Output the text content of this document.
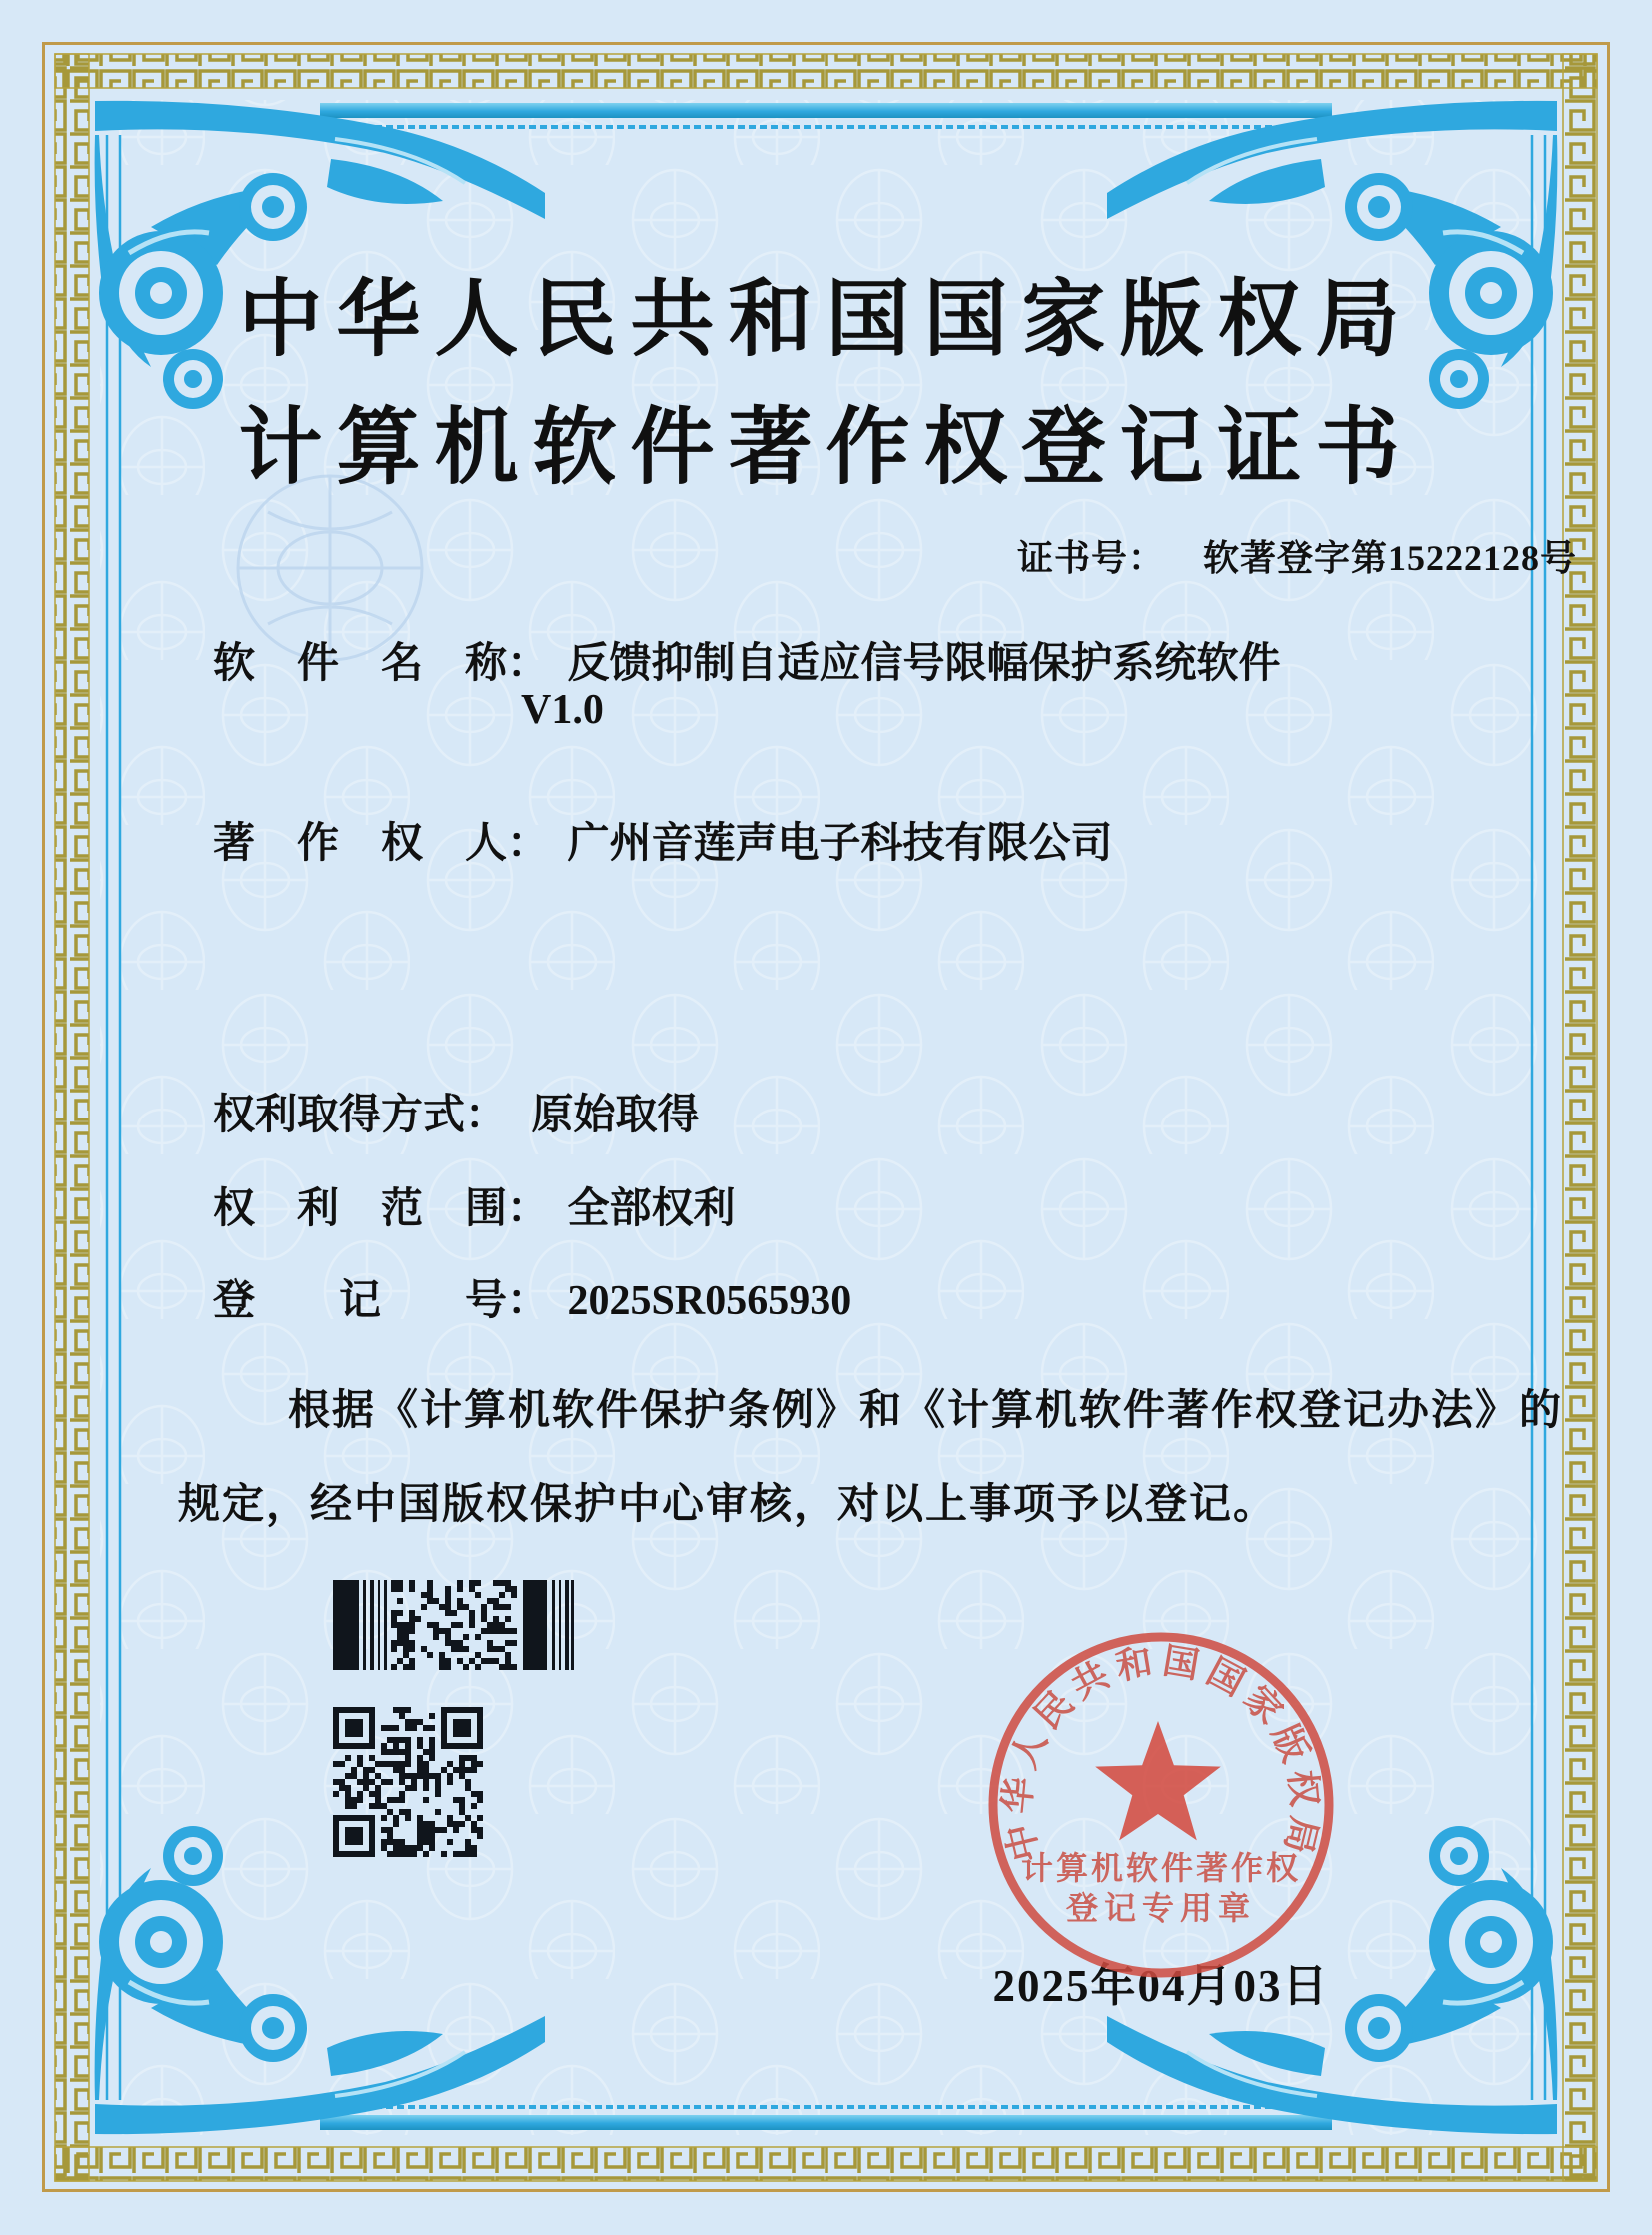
中华人民共和国国家版权局
计算机软件著作权登记证书
证书号： 软著登字第15222128号
软　件　名　称： 反馈抑制自适应信号限幅保护系统软件
V1.0
著　作　权　人： 广州音莲声电子科技有限公司
权利取得方式： 原始取得
权　利　范　围： 全部权利
登　　记　　号： 2025SR0565930
根据《计算机软件保护条例》和《计算机软件著作权登记办法》的
规定，经中国版权保护中心审核，对以上事项予以登记。
中华人民共和国国家版权局
计算机软件著作权
登记专用章
2025年04月03日
